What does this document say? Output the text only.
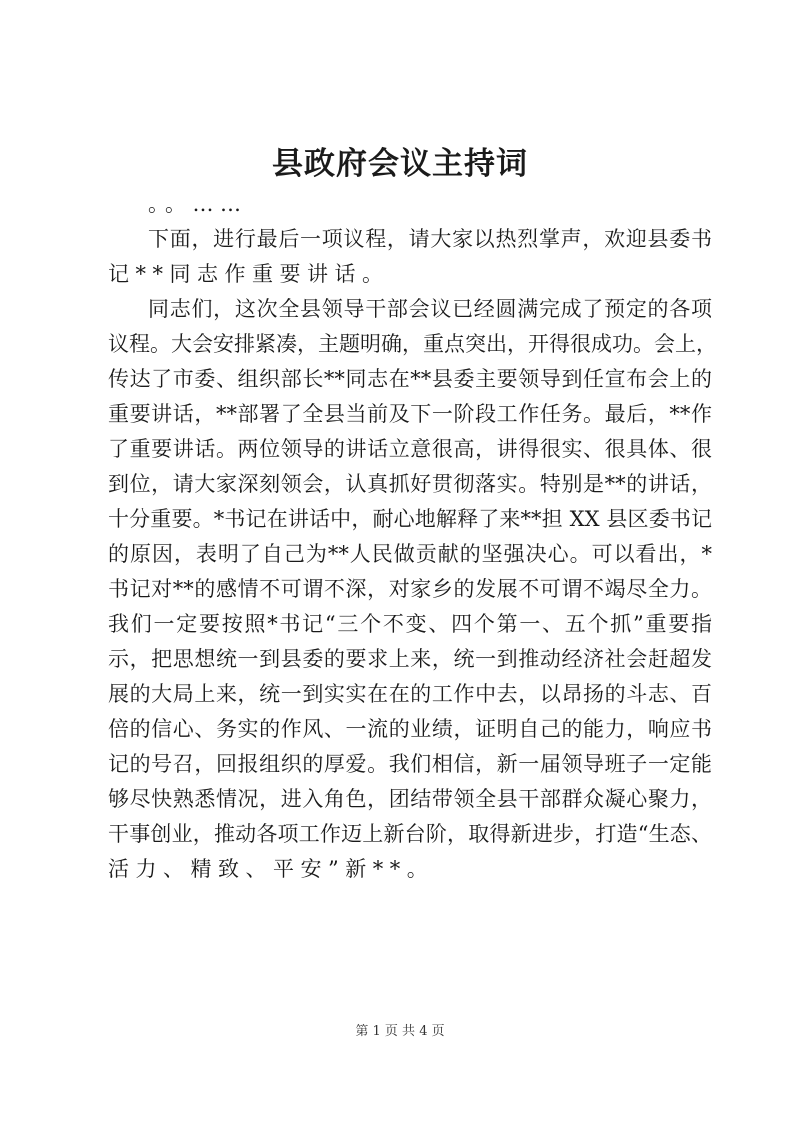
县政府会议主持词
。。……
下面，进行最后一项议程，请大家以热烈掌声，欢迎县委书
记**同志作重要讲话。
同志们，这次全县领导干部会议已经圆满完成了预定的各项
议程。大会安排紧凑，主题明确，重点突出，开得很成功。会上，
传达了市委、组织部长**同志在**县委主要领导到任宣布会上的
重要讲话，**部署了全县当前及下一阶段工作任务。最后，**作
了重要讲话。两位领导的讲话立意很高，讲得很实、很具体、很
到位，请大家深刻领会，认真抓好贯彻落实。特别是**的讲话，
十分重要。*书记在讲话中，耐心地解释了来**担 XX 县区委书记
的原因，表明了自己为**人民做贡献的坚强决心。可以看出，*
书记对**的感情不可谓不深，对家乡的发展不可谓不竭尽全力。
我们一定要按照*书记“三个不变、四个第一、五个抓”重要指
示，把思想统一到县委的要求上来，统一到推动经济社会赶超发
展的大局上来，统一到实实在在的工作中去，以昂扬的斗志、百
倍的信心、务实的作风、一流的业绩，证明自己的能力，响应书
记的号召，回报组织的厚爱。我们相信，新一届领导班子一定能
够尽快熟悉情况，进入角色，团结带领全县干部群众凝心聚力，
干事创业，推动各项工作迈上新台阶，取得新进步，打造“生态、
活力、精致、平安”新**。
第 1 页 共 4 页
